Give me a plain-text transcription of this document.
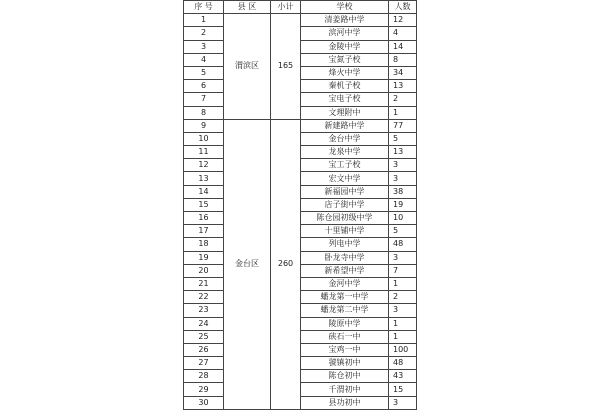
序 号	县 区	小计	学校	人数
1	渭滨区	165	清姜路中学	12
2			滨河中学	4
3			金陵中学	14
4			宝氮子校	8
5			烽火中学	34
6			秦机子校	13
7			宝电子校	2
8			文理附中	1
9	金台区	260	新建路中学	77
10			金台中学	5
11			龙泉中学	13
12			宝工子校	3
13			宏文中学	3
14			新福园中学	38
15			店子街中学	19
16			陈仓园初级中学	10
17			十里铺中学	5
18			列电中学	48
19			卧龙寺中学	3
20			新希望中学	7
21			金河中学	1
22			蟠龙第一中学	2
23			蟠龙第二中学	3
24			陵原中学	1
25			硖石一中	1
26			宝鸡一中	100
27			虢镇初中	48
28			陈仓初中	43
29			千渭初中	15
30			县功初中	3
